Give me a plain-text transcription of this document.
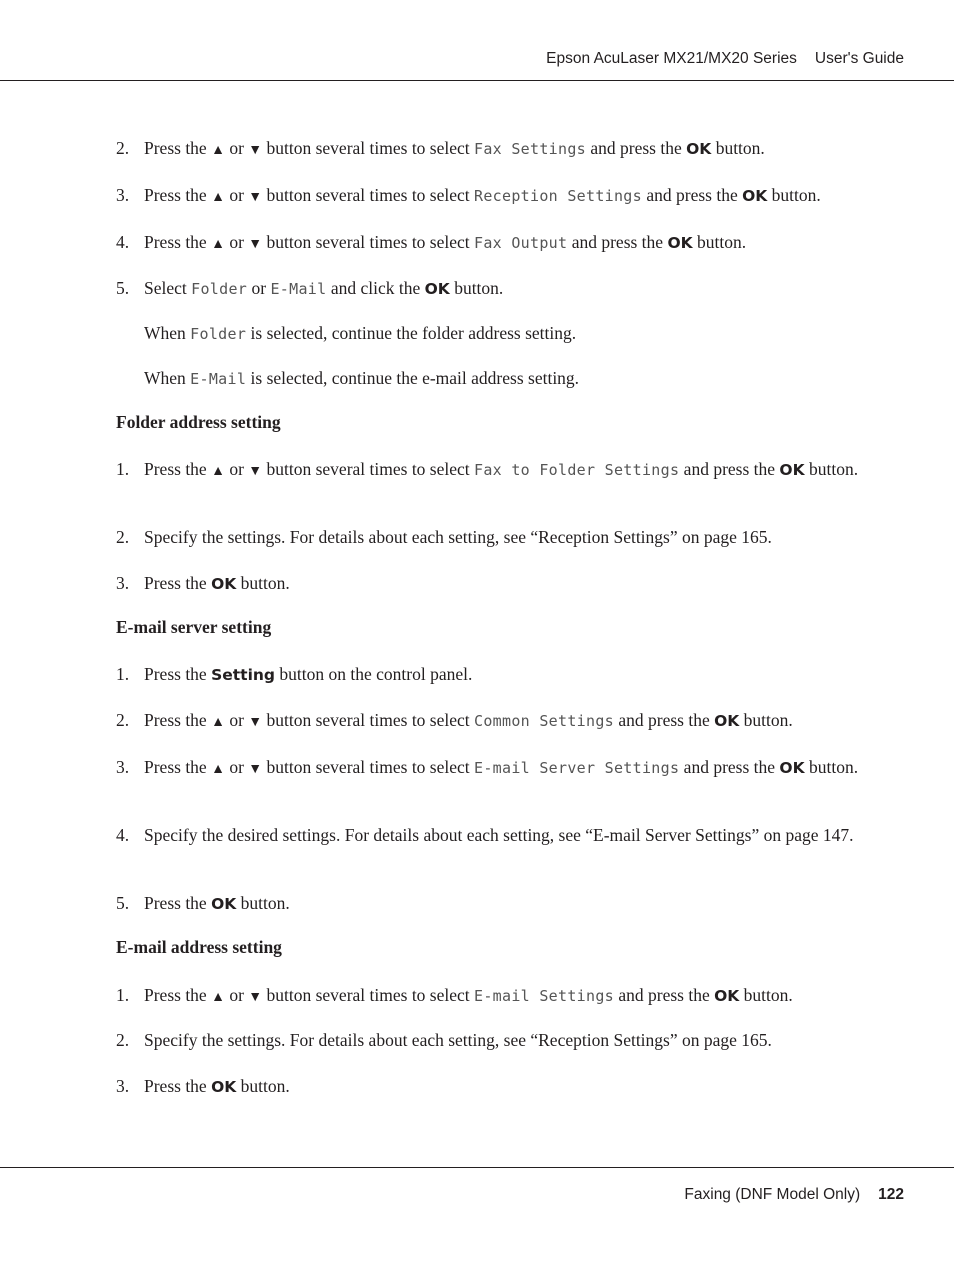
Epson AcuLaser MX21/MX20 Series User's Guide
2. Press the ▲ or ▼ button several times to select Fax Settings and press the OK button.
3. Press the ▲ or ▼ button several times to select Reception Settings and press the OK button.
4. Press the ▲ or ▼ button several times to select Fax Output and press the OK button.
5. Select Folder or E-Mail and click the OK button.
When Folder is selected, continue the folder address setting.
When E-Mail is selected, continue the e-mail address setting.
Folder address setting
1. Press the ▲ or ▼ button several times to select Fax to Folder Settings and press the OK button.
2. Specify the settings. For details about each setting, see “Reception Settings” on page 165.
3. Press the OK button.
E-mail server setting
1. Press the Setting button on the control panel.
2. Press the ▲ or ▼ button several times to select Common Settings and press the OK button.
3. Press the ▲ or ▼ button several times to select E-mail Server Settings and press the OK button.
4. Specify the desired settings. For details about each setting, see “E-mail Server Settings” on page 147.
5. Press the OK button.
E-mail address setting
1. Press the ▲ or ▼ button several times to select E-mail Settings and press the OK button.
2. Specify the settings. For details about each setting, see “Reception Settings” on page 165.
3. Press the OK button.
Faxing (DNF Model Only) 122
